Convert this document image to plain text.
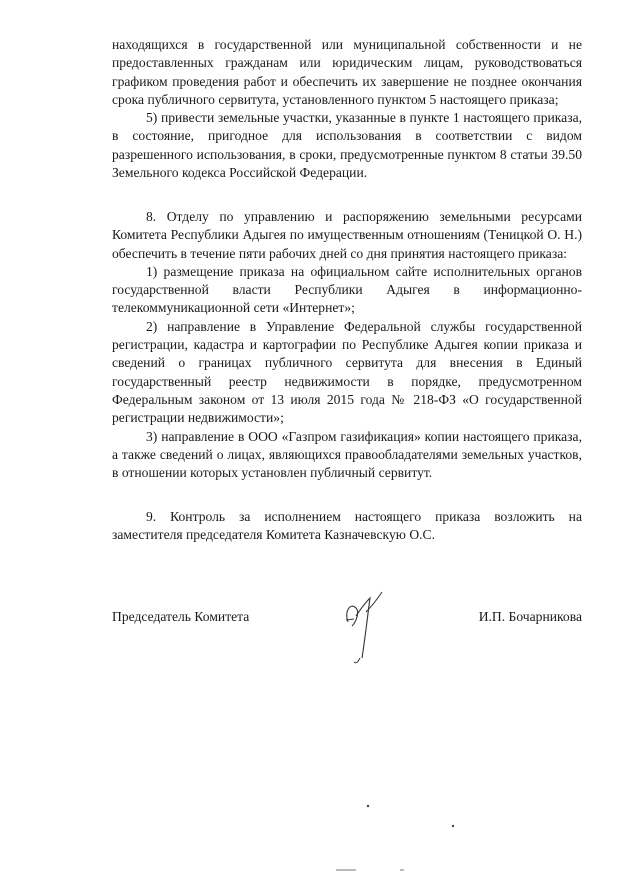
находящихся в государственной или муниципальной собственности и не предоставленных гражданам или юридическим лицам, руководствоваться графиком проведения работ и обеспечить их завершение не позднее окончания срока публичного сервитута, установленного пунктом 5 настоящего приказа;

5) привести земельные участки, указанные в пункте 1 настоящего приказа, в состояние, пригодное для использования в соответствии с видом разрешенного использования, в сроки, предусмотренные пунктом 8 статьи 39.50 Земельного кодекса Российской Федерации.

8. Отделу по управлению и распоряжению земельными ресурсами Комитета Республики Адыгея по имущественным отношениям (Теницкой О. Н.) обеспечить в течение пяти рабочих дней со дня принятия настоящего приказа:

1) размещение приказа на официальном сайте исполнительных органов государственной власти Республики Адыгея в информационно-телекоммуникационной сети «Интернет»;

2) направление в Управление Федеральной службы государственной регистрации, кадастра и картографии по Республике Адыгея копии приказа и сведений о границах публичного сервитута для внесения в Единый государственный реестр недвижимости в порядке, предусмотренном Федеральным законом от 13 июля 2015 года № 218-ФЗ «О государственной регистрации недвижимости»;

3) направление в ООО «Газпром газификация» копии настоящего приказа, а также сведений о лицах, являющихся правообладателями земельных участков, в отношении которых установлен публичный сервитут.

9. Контроль за исполнением настоящего приказа возложить на заместителя председателя Комитета Казначевскую О.С.

Председатель Комитета	И.П. Бочарникова
